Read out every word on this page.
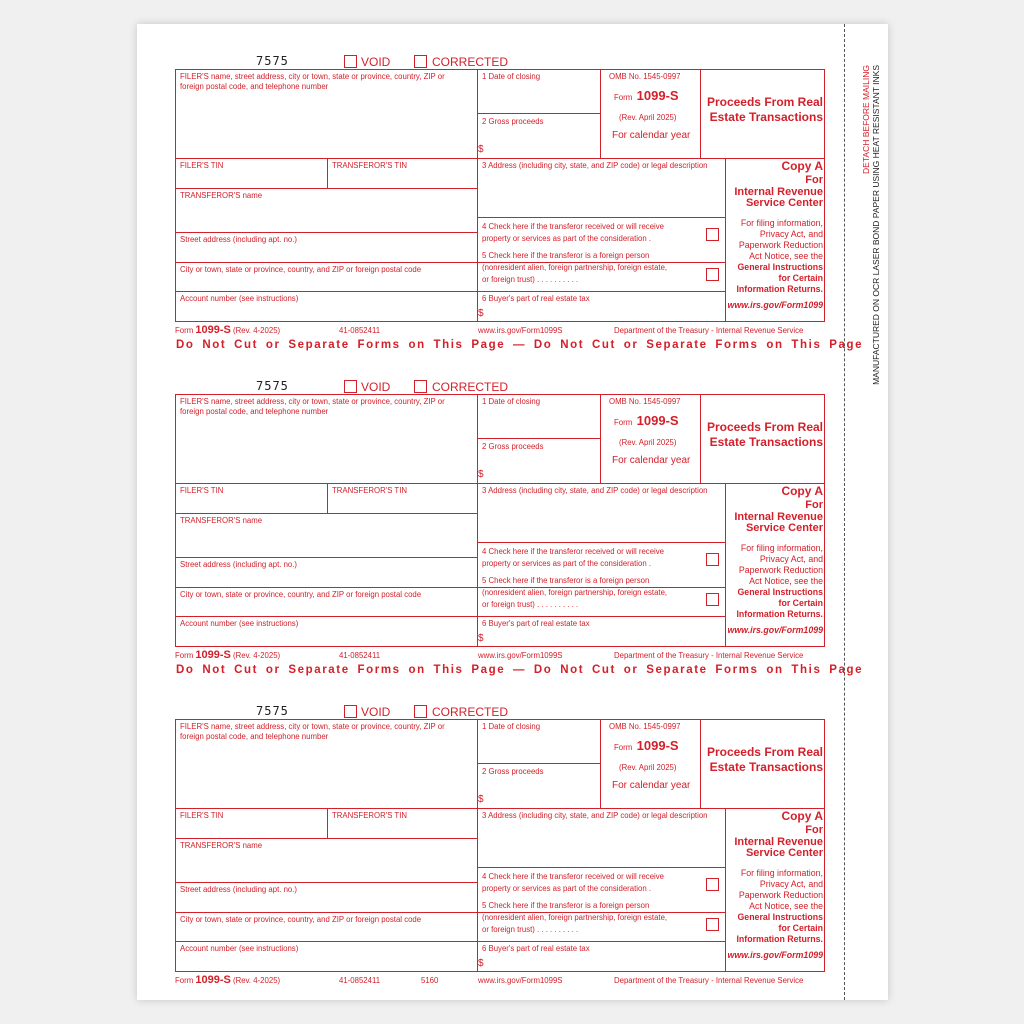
DETACH BEFORE MAILING
MANUFACTURED ON OCR LASER BOND PAPER USING HEAT RESISTANT INKS
7575	VOID	CORRECTED
FILER'S name, street address, city or town, state or province, country, ZIP or foreign postal code, and telephone number
1 Date of closing
2 Gross proceeds
$
OMB No. 1545-0997
Form 1099-S
(Rev. April 2025)
For calendar year
Proceeds From Real
Estate Transactions
FILER'S TIN	TRANSFEROR'S TIN	3 Address (including city, state, and ZIP code) or legal description	Copy A
For
Internal Revenue
Service Center
For filing information,
Privacy Act, and
Paperwork Reduction
Act Notice, see the
General Instructions
for Certain
Information Returns.
www.irs.gov/Form1099
TRANSFEROR'S name
4 Check here if the transferor received or will receive
property or services as part of the consideration .
Street address (including apt. no.)
5 Check here if the transferor is a foreign person
(nonresident alien, foreign partnership, foreign estate,
or foreign trust) . . . . . . . . . .
City or town, state or province, country, and ZIP or foreign postal code
Account number (see instructions)	6 Buyer's part of real estate tax
$
Form 1099-S (Rev. 4-2025)	41-0852411	www.irs.gov/Form1099S	Department of the Treasury - Internal Revenue Service
Do Not Cut or Separate Forms on This Page — Do Not Cut or Separate Forms on This Page
7575	VOID	CORRECTED
FILER'S name, street address, city or town, state or province, country, ZIP or foreign postal code, and telephone number
1 Date of closing
2 Gross proceeds
$
OMB No. 1545-0997
Form 1099-S
(Rev. April 2025)
For calendar year
Proceeds From Real
Estate Transactions
FILER'S TIN	TRANSFEROR'S TIN	3 Address (including city, state, and ZIP code) or legal description	Copy A
For
Internal Revenue
Service Center
For filing information,
Privacy Act, and
Paperwork Reduction
Act Notice, see the
General Instructions
for Certain
Information Returns.
www.irs.gov/Form1099
TRANSFEROR'S name
4 Check here if the transferor received or will receive
property or services as part of the consideration .
Street address (including apt. no.)
5 Check here if the transferor is a foreign person
(nonresident alien, foreign partnership, foreign estate,
or foreign trust) . . . . . . . . . .
City or town, state or province, country, and ZIP or foreign postal code
Account number (see instructions)	6 Buyer's part of real estate tax
$
Form 1099-S (Rev. 4-2025)	41-0852411	www.irs.gov/Form1099S	Department of the Treasury - Internal Revenue Service
Do Not Cut or Separate Forms on This Page — Do Not Cut or Separate Forms on This Page
7575	VOID	CORRECTED
FILER'S name, street address, city or town, state or province, country, ZIP or foreign postal code, and telephone number
1 Date of closing
2 Gross proceeds
$
OMB No. 1545-0997
Form 1099-S
(Rev. April 2025)
For calendar year
Proceeds From Real
Estate Transactions
FILER'S TIN	TRANSFEROR'S TIN	3 Address (including city, state, and ZIP code) or legal description	Copy A
For
Internal Revenue
Service Center
For filing information,
Privacy Act, and
Paperwork Reduction
Act Notice, see the
General Instructions
for Certain
Information Returns.
www.irs.gov/Form1099
TRANSFEROR'S name
4 Check here if the transferor received or will receive
property or services as part of the consideration .
Street address (including apt. no.)
5 Check here if the transferor is a foreign person
(nonresident alien, foreign partnership, foreign estate,
or foreign trust) . . . . . . . . . .
City or town, state or province, country, and ZIP or foreign postal code
Account number (see instructions)	6 Buyer's part of real estate tax
$
Form 1099-S (Rev. 4-2025)	41-0852411	5160	www.irs.gov/Form1099S	Department of the Treasury - Internal Revenue Service
